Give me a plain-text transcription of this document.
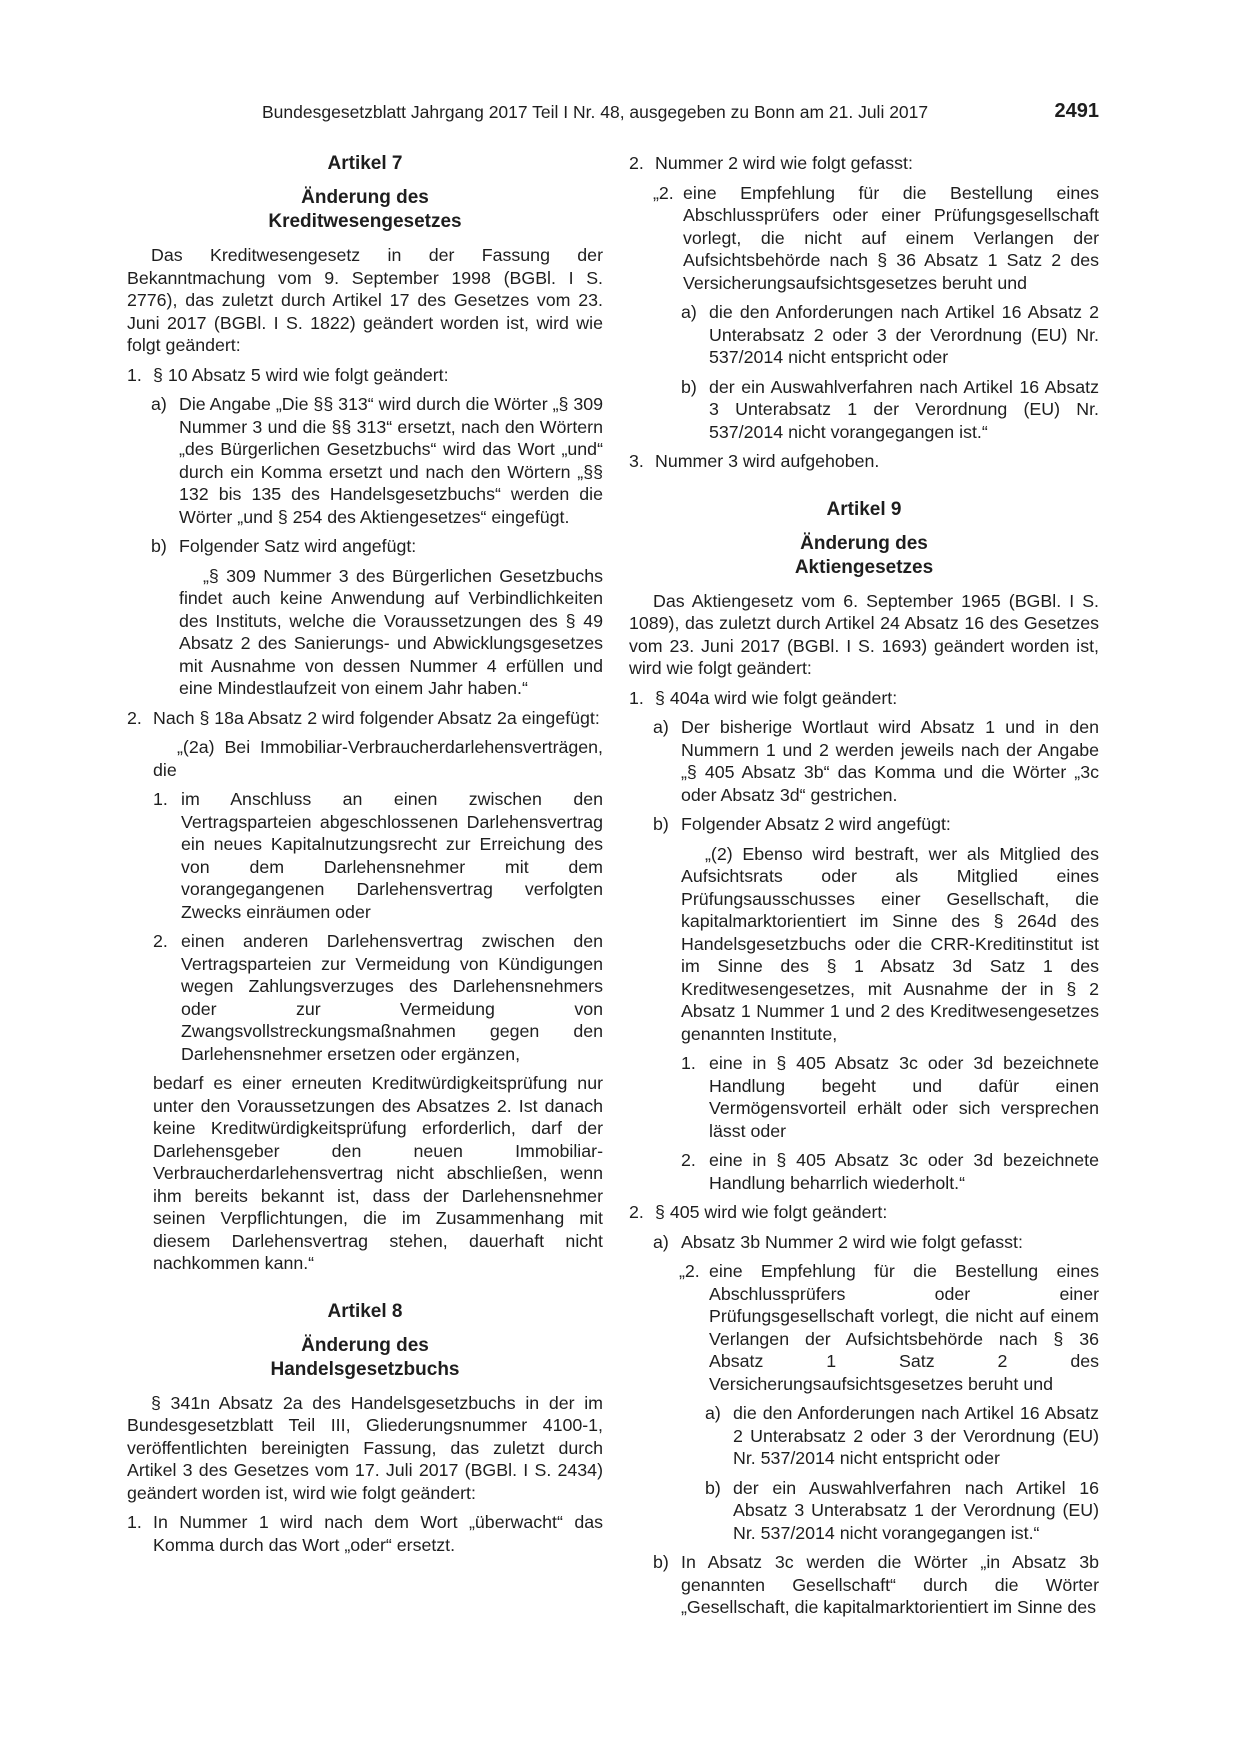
Bundesgesetzblatt Jahrgang 2017 Teil I Nr. 48, ausgegeben zu Bonn am 21. Juli 2017	2491
Artikel 7
Änderung des
Kreditwesengesetzes

Das Kreditwesengesetz in der Fassung der Bekanntmachung vom 9. September 1998 (BGBl. I S. 2776), das zuletzt durch Artikel 17 des Gesetzes vom 23. Juni 2017 (BGBl. I S. 1822) geändert worden ist, wird wie folgt geändert:

1. § 10 Absatz 5 wird wie folgt geändert:
a) Die Angabe „Die §§ 313“ wird durch die Wörter „§ 309 Nummer 3 und die §§ 313“ ersetzt, nach den Wörtern „des Bürgerlichen Gesetzbuchs“ wird das Wort „und“ durch ein Komma ersetzt und nach den Wörtern „§§ 132 bis 135 des Handelsgesetzbuchs“ werden die Wörter „und § 254 des Aktiengesetzes“ eingefügt.
b) Folgender Satz wird angefügt:

„§ 309 Nummer 3 des Bürgerlichen Gesetzbuchs findet auch keine Anwendung auf Verbindlichkeiten des Instituts, welche die Voraussetzungen des § 49 Absatz 2 des Sanierungs- und Abwicklungsgesetzes mit Ausnahme von dessen Nummer 4 erfüllen und eine Mindestlaufzeit von einem Jahr haben.“

2. Nach § 18a Absatz 2 wird folgender Absatz 2a eingefügt:

„(2a) Bei Immobiliar-Verbraucherdarlehensverträgen, die

1. im Anschluss an einen zwischen den Vertragsparteien abgeschlossenen Darlehensvertrag ein neues Kapitalnutzungsrecht zur Erreichung des von dem Darlehensnehmer mit dem vorangegangenen Darlehensvertrag verfolgten Zwecks einräumen oder
2. einen anderen Darlehensvertrag zwischen den Vertragsparteien zur Vermeidung von Kündigungen wegen Zahlungsverzuges des Darlehensnehmers oder zur Vermeidung von Zwangsvollstreckungsmaßnahmen gegen den Darlehensnehmer ersetzen oder ergänzen,

bedarf es einer erneuten Kreditwürdigkeitsprüfung nur unter den Voraussetzungen des Absatzes 2. Ist danach keine Kreditwürdigkeitsprüfung erforderlich, darf der Darlehensgeber den neuen Immobiliar-Verbraucherdarlehensvertrag nicht abschließen, wenn ihm bereits bekannt ist, dass der Darlehensnehmer seinen Verpflichtungen, die im Zusammenhang mit diesem Darlehensvertrag stehen, dauerhaft nicht nachkommen kann.“

Artikel 8
Änderung des
Handelsgesetzbuchs

§ 341n Absatz 2a des Handelsgesetzbuchs in der im Bundesgesetzblatt Teil III, Gliederungsnummer 4100-1, veröffentlichten bereinigten Fassung, das zuletzt durch Artikel 3 des Gesetzes vom 17. Juli 2017 (BGBl. I S. 2434) geändert worden ist, wird wie folgt geändert:

1. In Nummer 1 wird nach dem Wort „überwacht“ das Komma durch das Wort „oder“ ersetzt.
2. Nummer 2 wird wie folgt gefasst:
„2. eine Empfehlung für die Bestellung eines Abschlussprüfers oder einer Prüfungsgesellschaft vorlegt, die nicht auf einem Verlangen der Aufsichtsbehörde nach § 36 Absatz 1 Satz 2 des Versicherungsaufsichtsgesetzes beruht und
a) die den Anforderungen nach Artikel 16 Absatz 2 Unterabsatz 2 oder 3 der Verordnung (EU) Nr. 537/2014 nicht entspricht oder
b) der ein Auswahlverfahren nach Artikel 16 Absatz 3 Unterabsatz 1 der Verordnung (EU) Nr. 537/2014 nicht vorangegangen ist.“
3. Nummer 3 wird aufgehoben.
Artikel 9
Änderung des
Aktiengesetzes

Das Aktiengesetz vom 6. September 1965 (BGBl. I S. 1089), das zuletzt durch Artikel 24 Absatz 16 des Gesetzes vom 23. Juni 2017 (BGBl. I S. 1693) geändert worden ist, wird wie folgt geändert:

1. § 404a wird wie folgt geändert:
a) Der bisherige Wortlaut wird Absatz 1 und in den Nummern 1 und 2 werden jeweils nach der Angabe „§ 405 Absatz 3b“ das Komma und die Wörter „3c oder Absatz 3d“ gestrichen.
b) Folgender Absatz 2 wird angefügt:

„(2) Ebenso wird bestraft, wer als Mitglied des Aufsichtsrats oder als Mitglied eines Prüfungsausschusses einer Gesellschaft, die kapitalmarktorientiert im Sinne des § 264d des Handelsgesetzbuchs oder die CRR-Kreditinstitut ist im Sinne des § 1 Absatz 3d Satz 1 des Kreditwesengesetzes, mit Ausnahme der in § 2 Absatz 1 Nummer 1 und 2 des Kreditwesengesetzes genannten Institute,

1. eine in § 405 Absatz 3c oder 3d bezeichnete Handlung begeht und dafür einen Vermögensvorteil erhält oder sich versprechen lässt oder
2. eine in § 405 Absatz 3c oder 3d bezeichnete Handlung beharrlich wiederholt.“
2. § 405 wird wie folgt geändert:
a) Absatz 3b Nummer 2 wird wie folgt gefasst:
„2. eine Empfehlung für die Bestellung eines Abschlussprüfers oder einer Prüfungsgesellschaft vorlegt, die nicht auf einem Verlangen der Aufsichtsbehörde nach § 36 Absatz 1 Satz 2 des Versicherungsaufsichtsgesetzes beruht und
a) die den Anforderungen nach Artikel 16 Absatz 2 Unterabsatz 2 oder 3 der Verordnung (EU) Nr. 537/2014 nicht entspricht oder
b) der ein Auswahlverfahren nach Artikel 16 Absatz 3 Unterabsatz 1 der Verordnung (EU) Nr. 537/2014 nicht vorangegangen ist.“
b) In Absatz 3c werden die Wörter „in Absatz 3b genannten Gesellschaft“ durch die Wörter „Gesellschaft, die kapitalmarktorientiert im Sinne des
